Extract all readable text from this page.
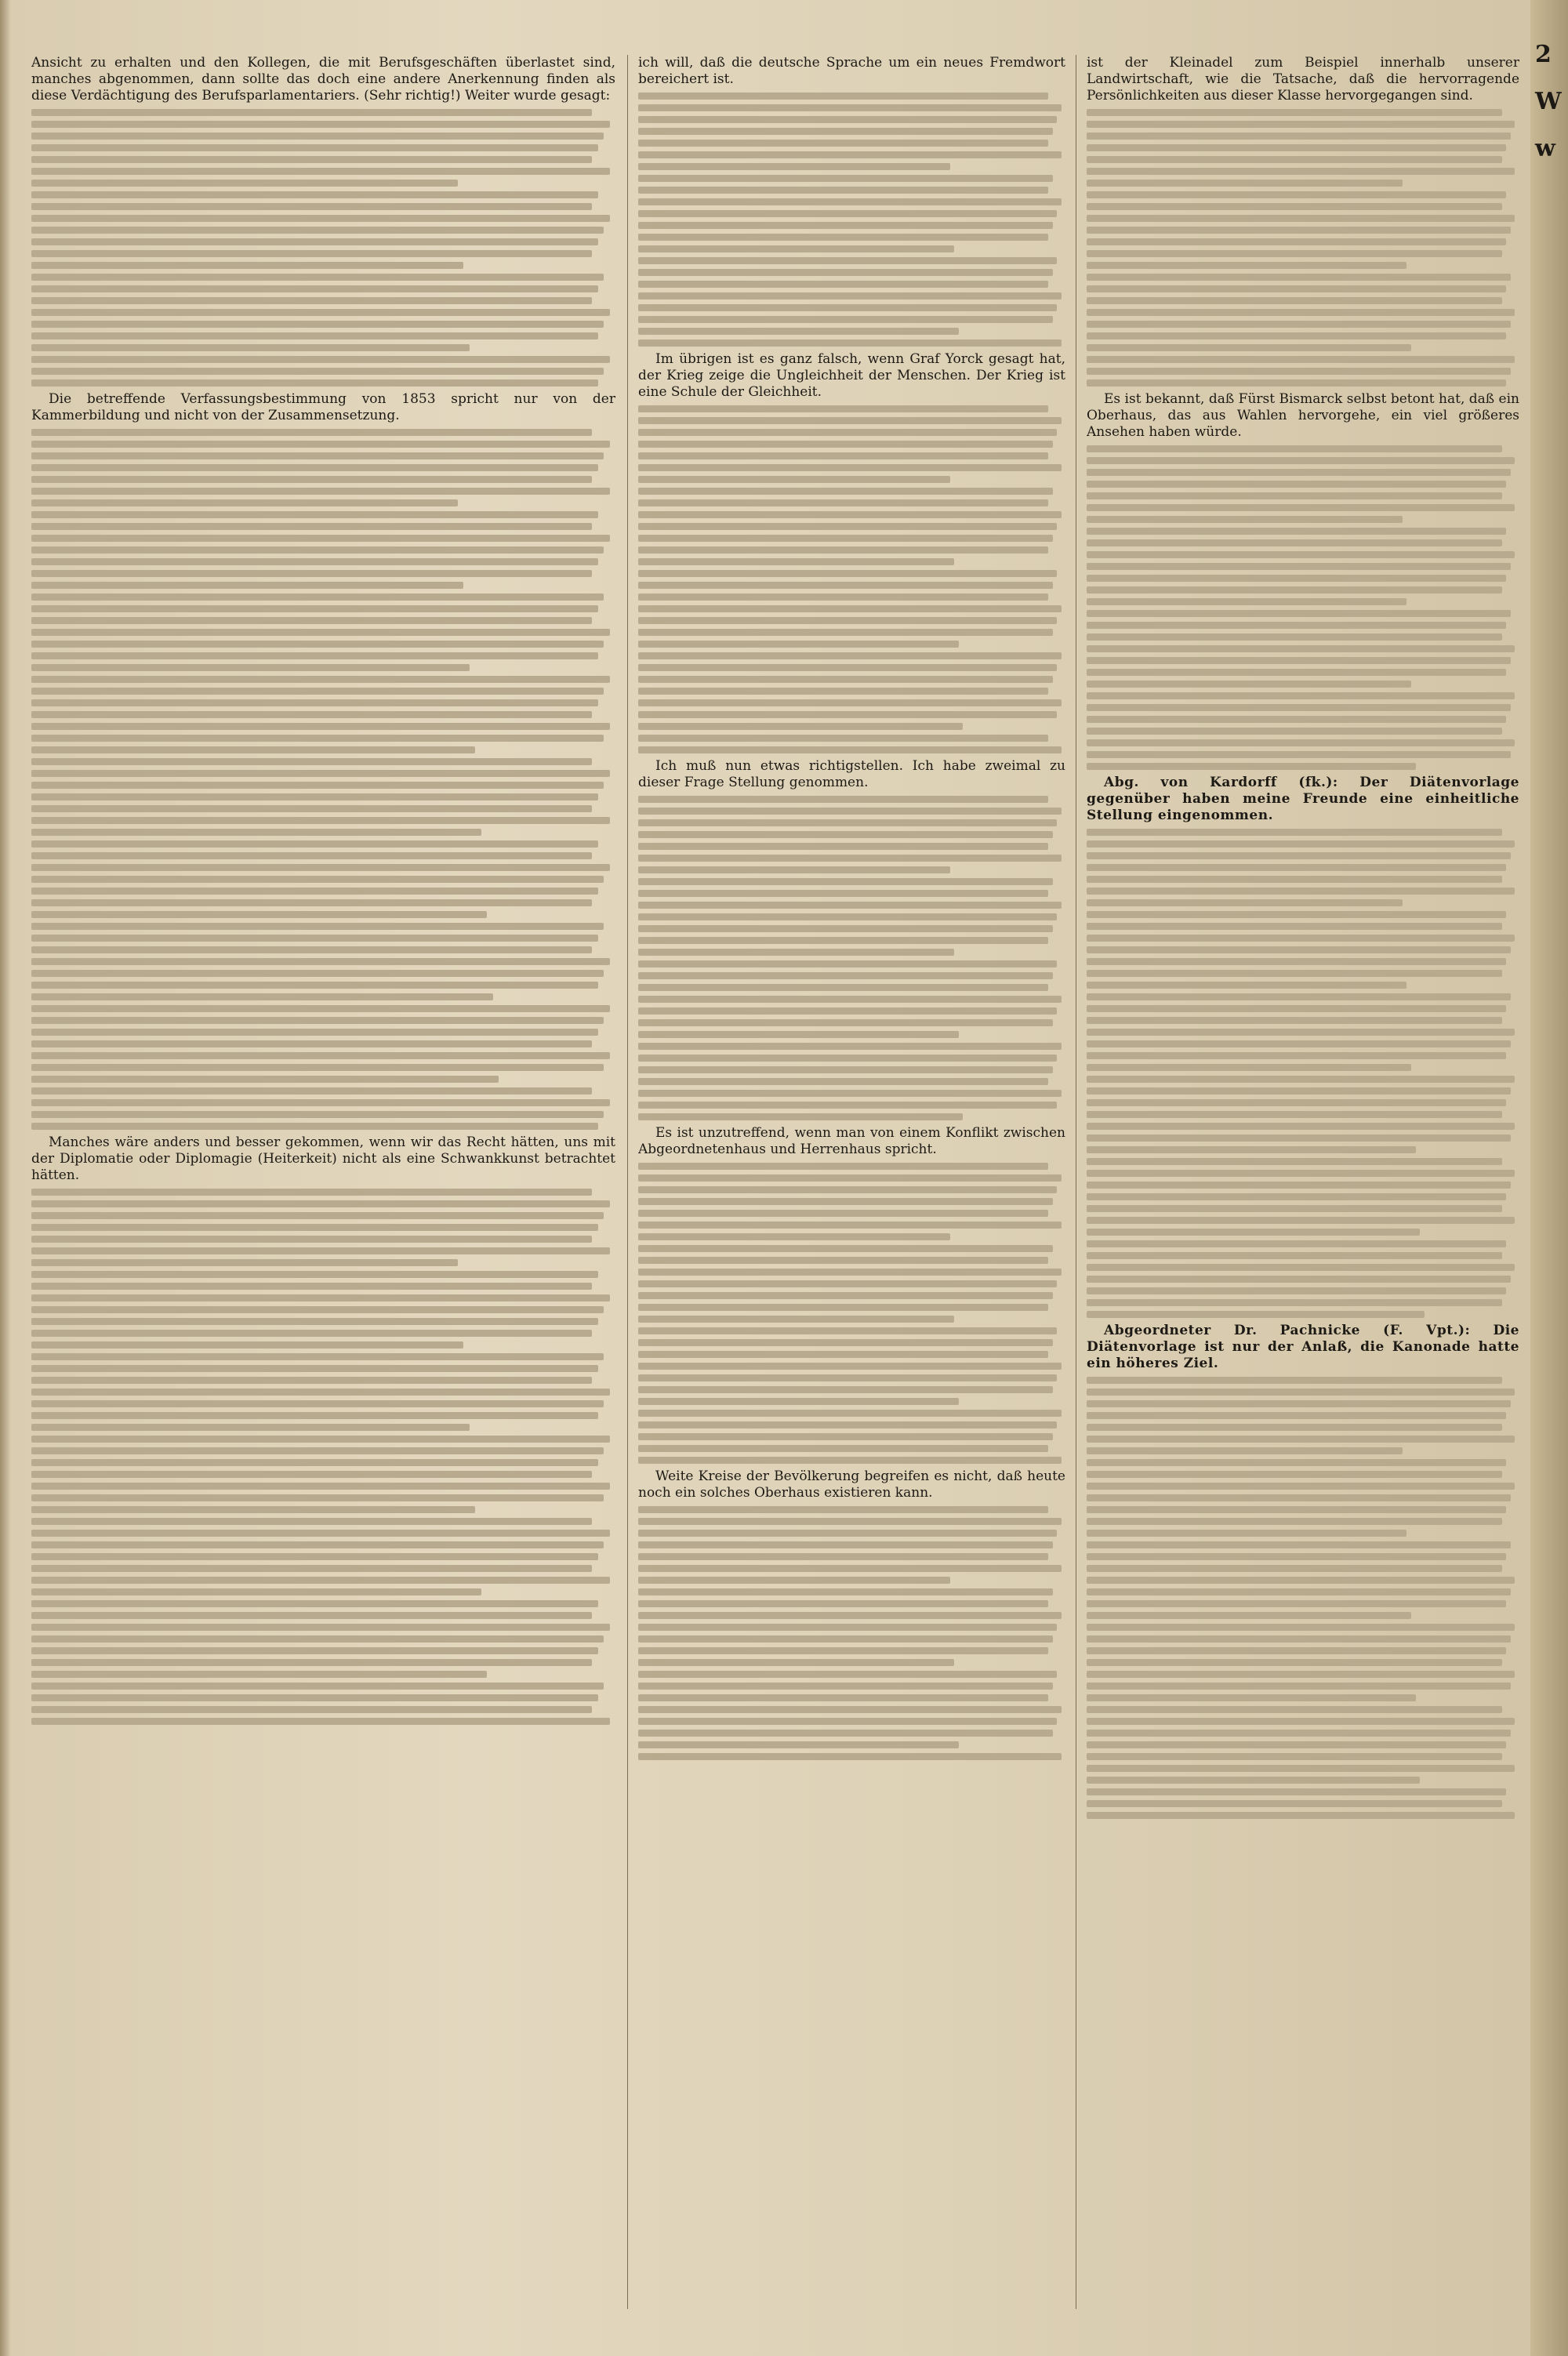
Ansicht zu erhalten und den Kollegen, die mit Berufsgeschäften überlastet sind, manches abgenommen, dann sollte das doch eine andere Anerkennung finden als diese Verdächtigung des Berufsparlamentariers. (Sehr richtig!) Weiter wurde gesagt:

Die betreffende Verfassungsbestimmung von 1853 spricht nur von der Kammerbildung und nicht von der Zusammensetzung.

Manches wäre anders und besser gekommen, wenn wir das Recht hätten, uns mit der Diplomatie oder Diplomagie (Heiterkeit) nicht als eine Schwankkunst betrachtet hätten.

ich will, daß die deutsche Sprache um ein neues Fremdwort bereichert ist.

Im übrigen ist es ganz falsch, wenn Graf Yorck gesagt hat, der Krieg zeige die Ungleichheit der Menschen. Der Krieg ist eine Schule der Gleichheit.

Ich muß nun etwas richtigstellen. Ich habe zweimal zu dieser Frage Stellung genommen.

Es ist unzutreffend, wenn man von einem Konflikt zwischen Abgeordnetenhaus und Herrenhaus spricht.

Weite Kreise der Bevölkerung begreifen es nicht, daß heute noch ein solches Oberhaus existieren kann.

ist der Kleinadel zum Beispiel innerhalb unserer Landwirtschaft, wie die Tatsache, daß die hervorragende Persönlichkeiten aus dieser Klasse hervorgegangen sind.

Es ist bekannt, daß Fürst Bismarck selbst betont hat, daß ein Oberhaus, das aus Wahlen hervorgehe, ein viel größeres Ansehen haben würde.

Abg. von Kardorff (fk.): Der Diätenvorlage gegenüber haben meine Freunde eine einheitliche Stellung eingenommen.

Abgeordneter Dr. Pachnicke (F. Vpt.): Die Diätenvorlage ist nur der Anlaß, die Kanonade hatte ein höheres Ziel.

2
W
w
